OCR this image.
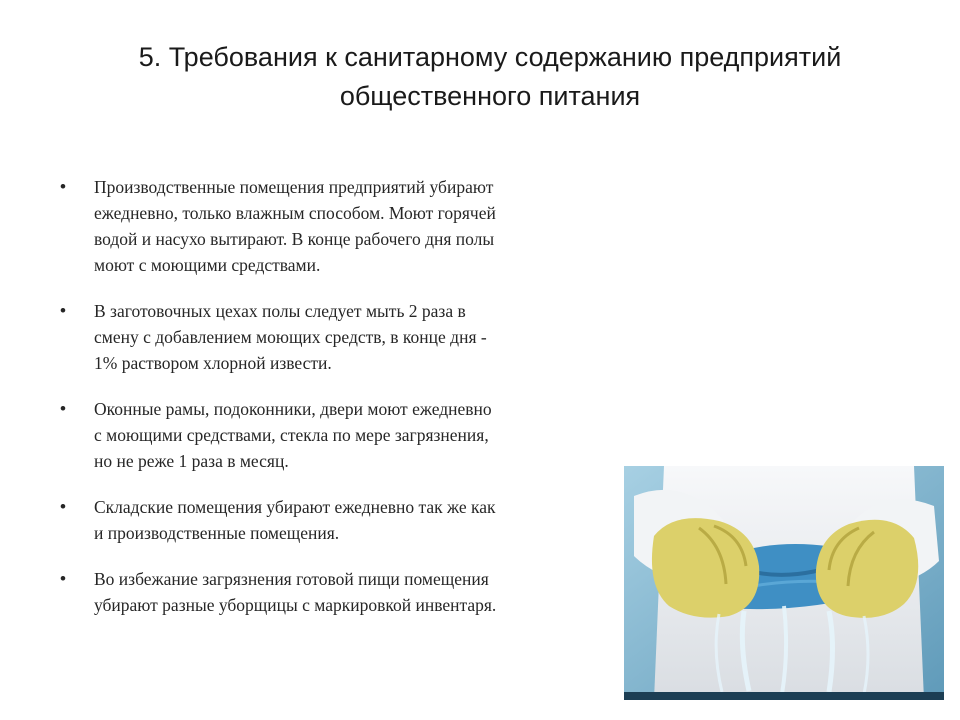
5. Требования к санитарному содержанию предприятий
общественного питания
• Производственные помещения предприятий убирают
ежедневно, только влажным способом. Моют горячей
водой и насухо вытирают. В конце рабочего дня полы
моют с моющими средствами.
• В заготовочных цехах полы следует мыть 2 раза в
смену с добавлением моющих средств, в конце дня -
1% раствором хлорной извести.
• Оконные рамы, подоконники, двери моют ежедневно
с моющими средствами, стекла по мере загрязнения,
но не реже 1 раза в месяц.
• Складские помещения убирают ежедневно так же как
и производственные помещения.
• Во избежание загрязнения готовой пищи помещения
убирают разные уборщицы с маркировкой инвентаря.
